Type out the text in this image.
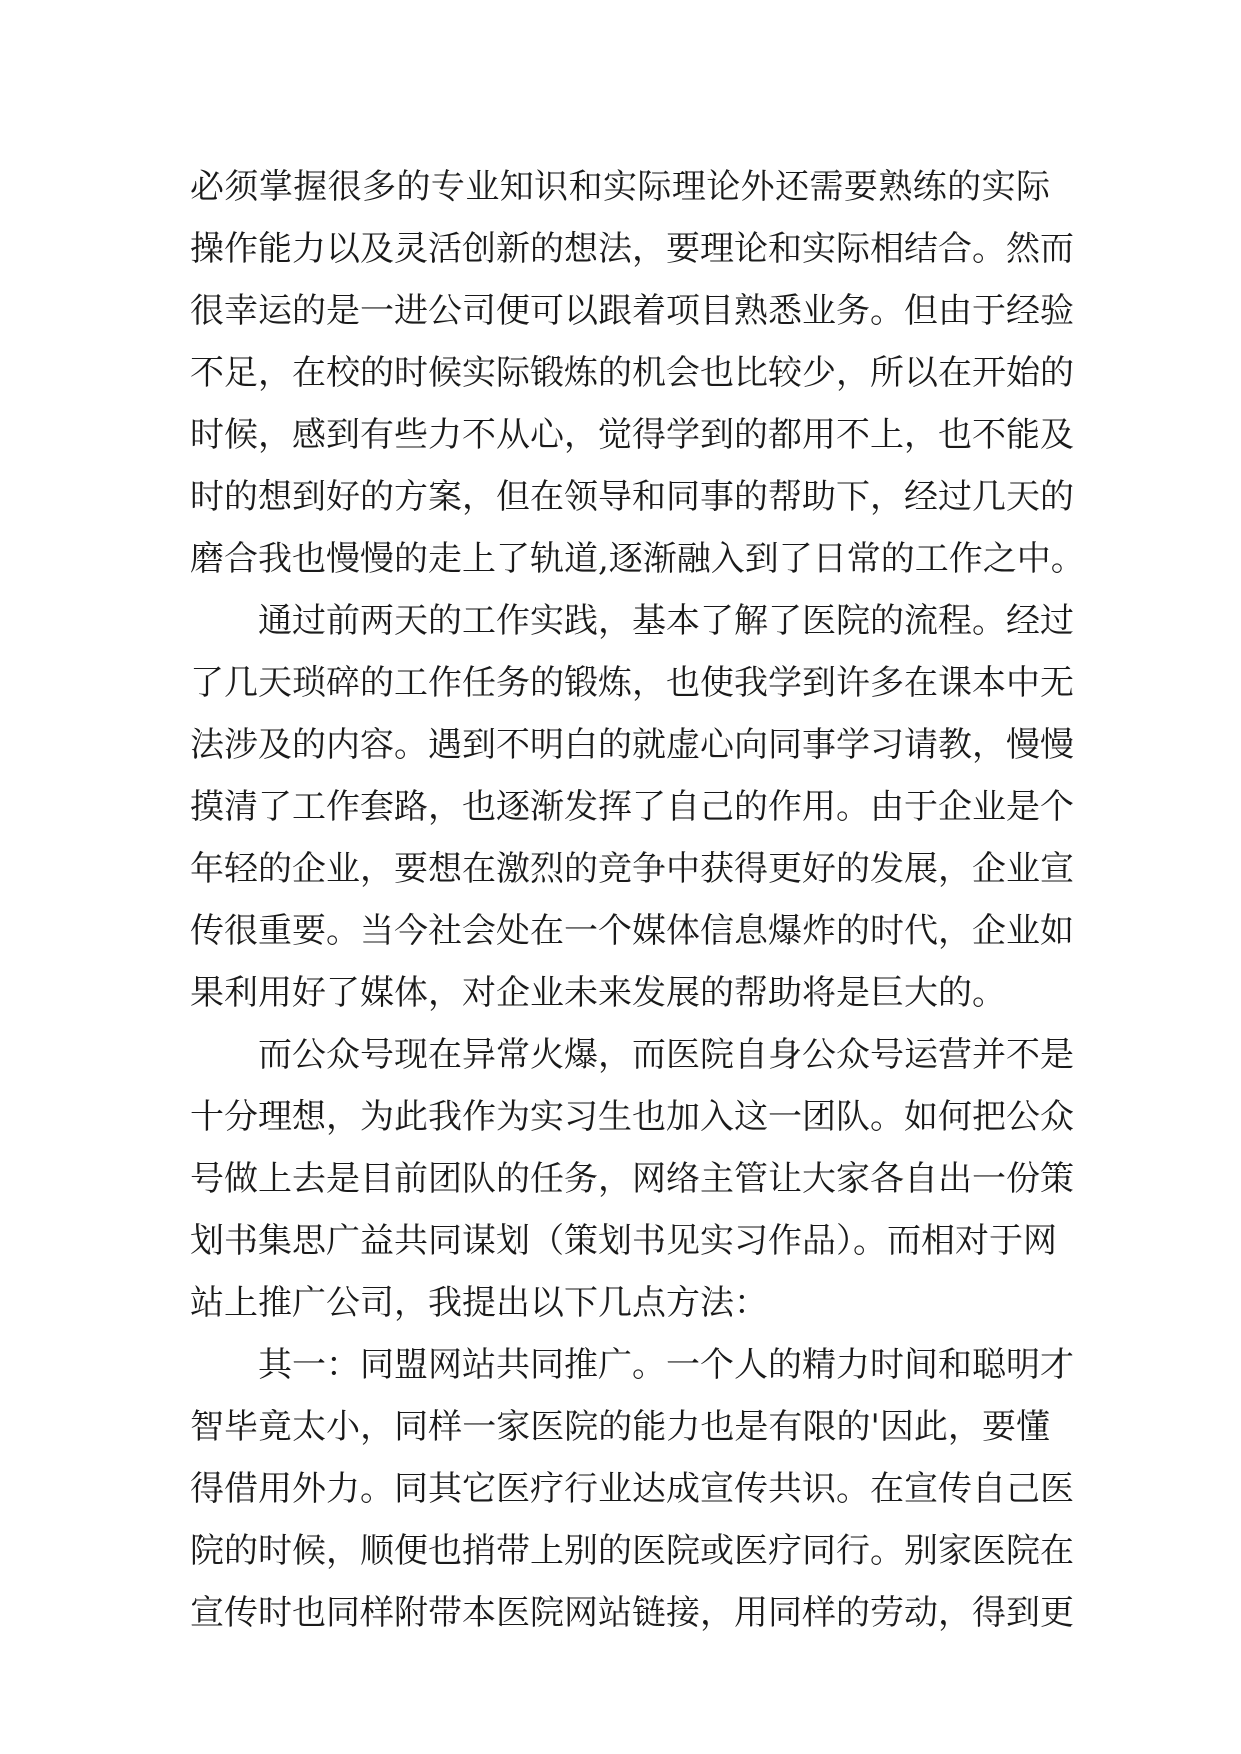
必须掌握很多的专业知识和实际理论外还需要熟练的实际
操作能力以及灵活创新的想法，要理论和实际相结合。然而
很幸运的是一进公司便可以跟着项目熟悉业务。但由于经验
不足，在校的时候实际锻炼的机会也比较少，所以在开始的
时候，感到有些力不从心，觉得学到的都用不上，也不能及
时的想到好的方案，但在领导和同事的帮助下，经过几天的
磨合我也慢慢的走上了轨道,逐渐融入到了日常的工作之中。
通过前两天的工作实践，基本了解了医院的流程。经过
了几天琐碎的工作任务的锻炼，也使我学到许多在课本中无
法涉及的内容。遇到不明白的就虚心向同事学习请教，慢慢
摸清了工作套路，也逐渐发挥了自己的作用。由于企业是个
年轻的企业，要想在激烈的竞争中获得更好的发展，企业宣
传很重要。当今社会处在一个媒体信息爆炸的时代，企业如
果利用好了媒体，对企业未来发展的帮助将是巨大的。
而公众号现在异常火爆，而医院自身公众号运营并不是
十分理想，为此我作为实习生也加入这一团队。如何把公众
号做上去是目前团队的任务，网络主管让大家各自出一份策
划书集思广益共同谋划（策划书见实习作品）。而相对于网
站上推广公司，我提出以下几点方法：
其一：同盟网站共同推广。一个人的精力时间和聪明才
智毕竟太小，同样一家医院的能力也是有限的'因此，要懂
得借用外力。同其它医疗行业达成宣传共识。在宣传自己医
院的时候，顺便也捎带上别的医院或医疗同行。别家医院在
宣传时也同样附带本医院网站链接，用同样的劳动，得到更
